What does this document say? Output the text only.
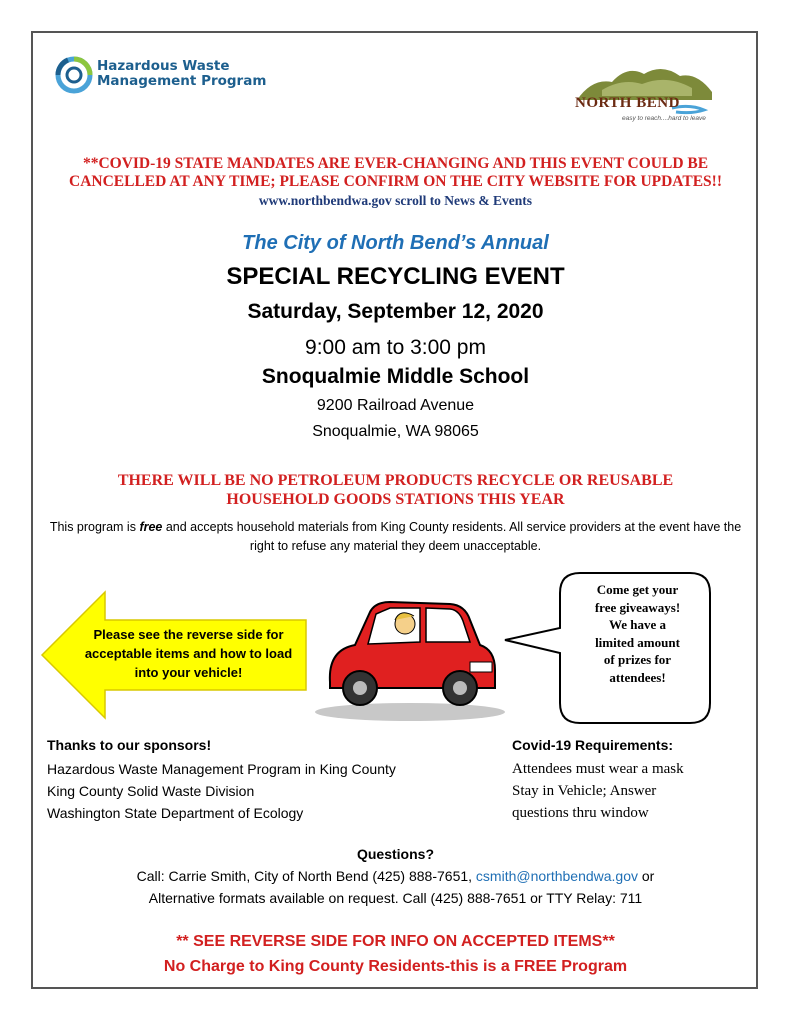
Hazardous Waste
Management Program
NORTH BEND
easy to reach....hard to leave
**COVID-19 STATE MANDATES ARE EVER-CHANGING AND THIS EVENT COULD BE
CANCELLED AT ANY TIME; PLEASE CONFIRM ON THE CITY WEBSITE FOR UPDATES!!
www.northbendwa.gov scroll to News & Events
The City of North Bend’s Annual
SPECIAL RECYCLING EVENT
Saturday, September 12, 2020
9:00 am to 3:00 pm
Snoqualmie Middle School
9200 Railroad Avenue
Snoqualmie, WA 98065
THERE WILL BE NO PETROLEUM PRODUCTS RECYCLE OR REUSABLE
HOUSEHOLD GOODS STATIONS THIS YEAR
This program is free and accepts household materials from King County residents. All service providers at the event have the right to refuse any material they deem unacceptable.
Please see the reverse side for acceptable items and how to load into your vehicle!
Come get your
free giveaways!
We have a
limited amount
of prizes for
attendees!
Thanks to our sponsors!
Hazardous Waste Management Program in King County
King County Solid Waste Division
Washington State Department of Ecology
Covid-19 Requirements:
Attendees must wear a mask
Stay in Vehicle; Answer
questions thru window
Questions?
Call: Carrie Smith, City of North Bend (425) 888-7651, csmith@northbendwa.gov or
Alternative formats available on request. Call (425) 888-7651 or TTY Relay: 711
** SEE REVERSE SIDE FOR INFO ON ACCEPTED ITEMS**
No Charge to King County Residents-this is a FREE Program
